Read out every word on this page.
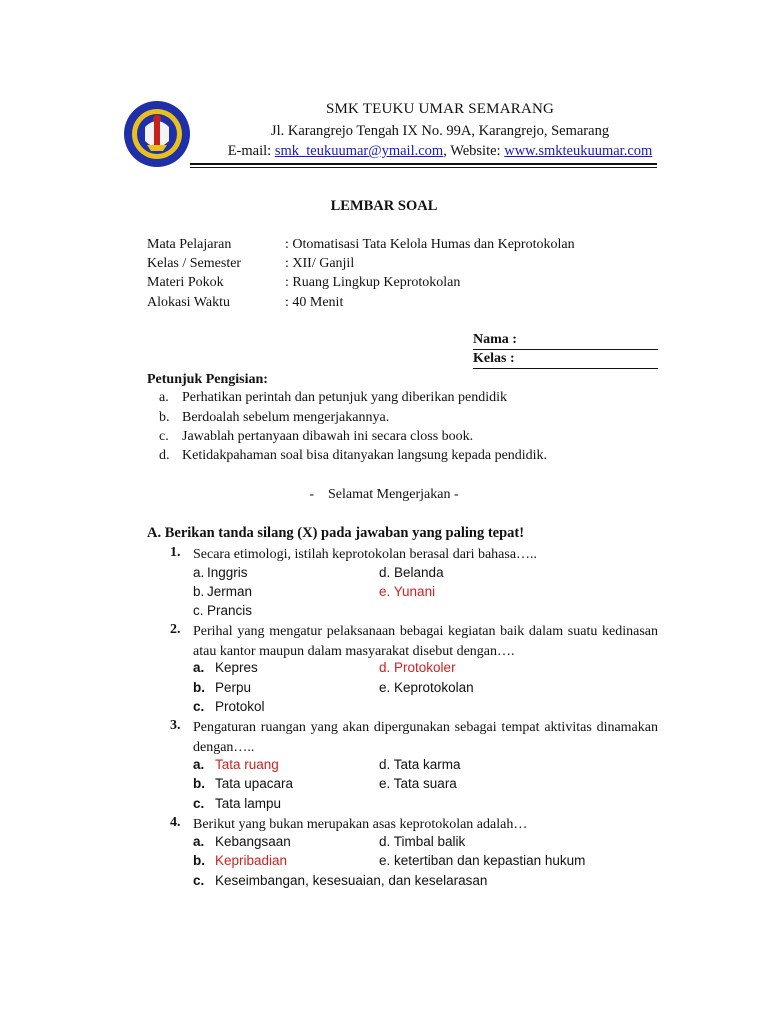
SMK TEUKU UMAR SEMARANG
Jl. Karangrejo Tengah IX No. 99A, Karangrejo, Semarang
E-mail: smk_teukuumar@ymail.com, Website: www.smkteukuumar.com
LEMBAR SOAL
Mata Pelajaran	: Otomatisasi Tata Kelola Humas dan Keprotokolan
Kelas / Semester	: XII/ Ganjil
Materi Pokok	: Ruang Lingkup Keprotokolan
Alokasi Waktu	: 40 Menit
Nama :
Kelas :
Petunjuk Pengisian:
a. Perhatikan perintah dan petunjuk yang diberikan pendidik
b. Berdoalah sebelum mengerjakannya.
c. Jawablah pertanyaan dibawah ini secara closs book.
d. Ketidakpahaman soal bisa ditanyakan langsung kepada pendidik.
-    Selamat Mengerjakan -
A. Berikan tanda silang (X) pada jawaban yang paling tepat!
1. Secara etimologi, istilah keprotokolan berasal dari bahasa…..
a. Inggris	d. Belanda
b. Jerman	e. Yunani
c. Prancis
2. Perihal yang mengatur pelaksanaan bebagai kegiatan baik dalam suatu kedinasan atau kantor maupun dalam masyarakat disebut dengan….
a. Kepres	d. Protokoler
b. Perpu	e. Keprotokolan
c. Protokol
3. Pengaturan ruangan yang akan dipergunakan sebagai tempat aktivitas dinamakan dengan…..
a. Tata ruang	d. Tata karma
b. Tata upacara	e. Tata suara
c. Tata lampu
4. Berikut yang bukan merupakan asas keprotokolan adalah…
a. Kebangsaan	d. Timbal balik
b. Kepribadian	e. ketertiban dan kepastian hukum
c. Keseimbangan, kesesuaian, dan keselarasan
